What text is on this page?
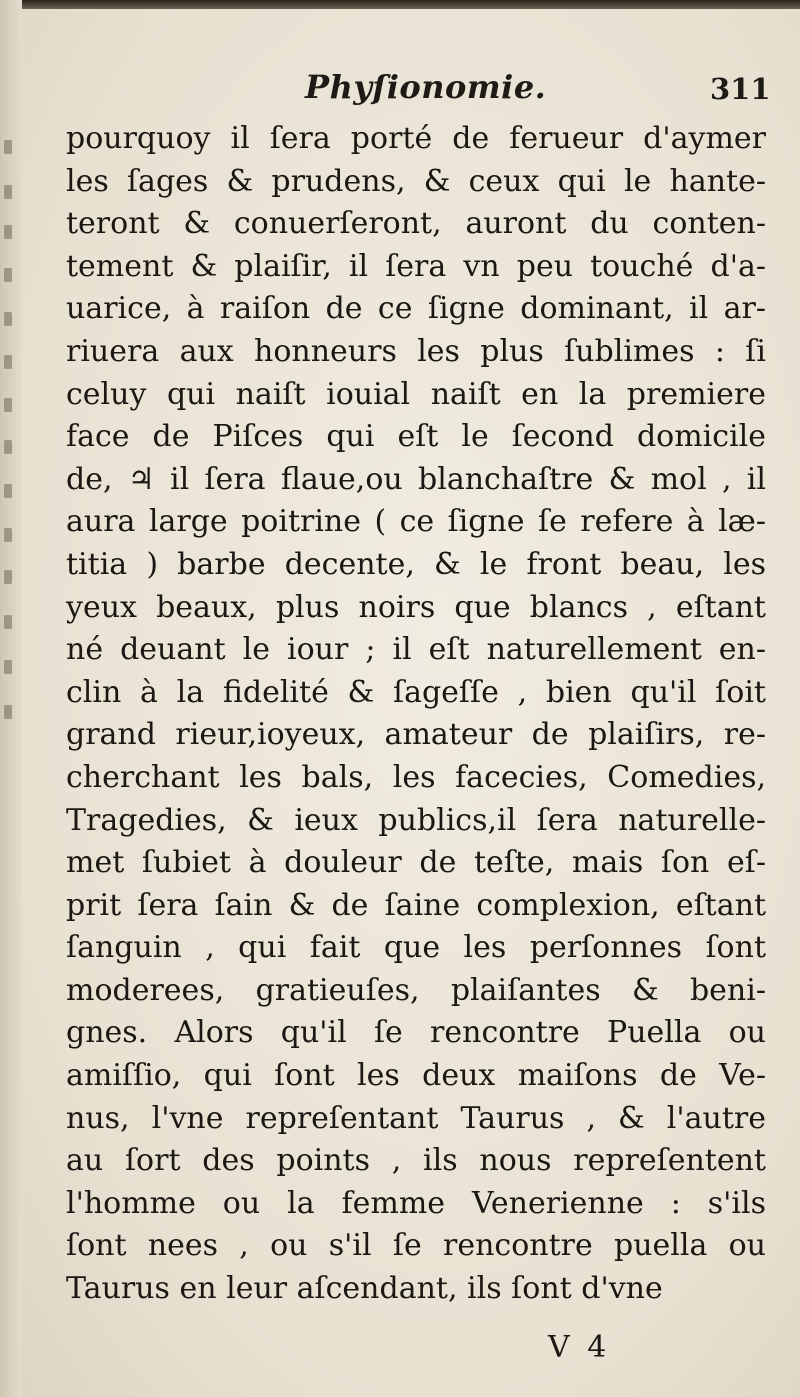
Phyſionomie.	311
pourquoy il ſera porté de ferueur d'aymer
les ſages & prudens, & ceux qui le hante-
teront & conuerſeront, auront du conten-
tement & plaiſir, il ſera vn peu touché d'a-
uarice, à raiſon de ce ſigne dominant, il ar-
riuera aux honneurs les plus ſublimes : ſi
celuy qui naiſt iouial naiſt en la premiere
face de Piſces qui eſt le ſecond domicile
de, ♃ il ſera flaue,ou blanchaſtre & mol , il
aura large poitrine ( ce ſigne ſe refere à læ-
titia ) barbe decente, & le front beau, les
yeux beaux, plus noirs que blancs , eſtant
né deuant le iour ; il eſt naturellement en-
clin à la fidelité & ſageſſe , bien qu'il ſoit
grand rieur,ioyeux, amateur de plaiſirs, re-
cherchant les bals, les facecies, Comedies,
Tragedies, & ieux publics,il ſera naturelle-
met ſubiet à douleur de teſte, mais ſon eſ-
prit ſera ſain & de ſaine complexion, eſtant
ſanguin , qui fait que les perſonnes ſont
moderees, gratieuſes, plaiſantes & beni-
gnes. Alors qu'il ſe rencontre Puella ou
amiſſio, qui ſont les deux maiſons de Ve-
nus, l'vne repreſentant Taurus , & l'autre
au ſort des points , ils nous repreſentent
l'homme ou la femme Venerienne : s'ils
ſont nees , ou s'il ſe rencontre puella ou
Taurus en leur aſcendant, ils ſont d'vne
V 4
